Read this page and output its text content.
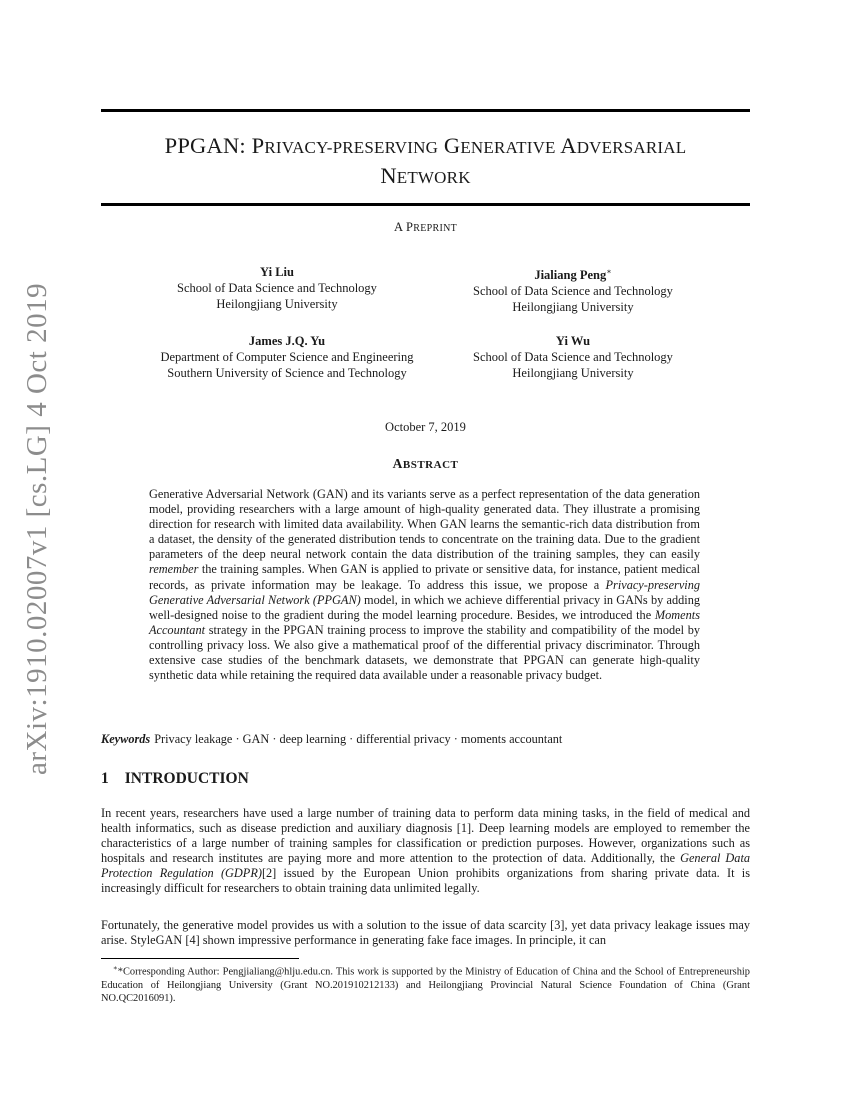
arXiv:1910.02007v1 [cs.LG] 4 Oct 2019
PPGAN: PRIVACY-PRESERVING GENERATIVE ADVERSARIAL
NETWORK
A PREPRINT
Yi Liu
School of Data Science and Technology
Heilongjiang University
Jialiang Peng∗
School of Data Science and Technology
Heilongjiang University
James J.Q. Yu
Department of Computer Science and Engineering
Southern University of Science and Technology
Yi Wu
School of Data Science and Technology
Heilongjiang University
October 7, 2019
ABSTRACT
Generative Adversarial Network (GAN) and its variants serve as a perfect representation of the data generation model, providing researchers with a large amount of high-quality generated data. They illustrate a promising direction for research with limited data availability. When GAN learns the semantic-rich data distribution from a dataset, the density of the generated distribution tends to concentrate on the training data. Due to the gradient parameters of the deep neural network contain the data distribution of the training samples, they can easily remember the training samples. When GAN is applied to private or sensitive data, for instance, patient medical records, as private information may be leakage. To address this issue, we propose a Privacy-preserving Generative Adversarial Network (PPGAN) model, in which we achieve differential privacy in GANs by adding well-designed noise to the gradient during the model learning procedure. Besides, we introduced the Moments Accountant strategy in the PPGAN training process to improve the stability and compatibility of the model by controlling privacy loss. We also give a mathematical proof of the differential privacy discriminator. Through extensive case studies of the benchmark datasets, we demonstrate that PPGAN can generate high-quality synthetic data while retaining the required data available under a reasonable privacy budget.
Keywords Privacy leakage · GAN · deep learning · differential privacy · moments accountant
1 INTRODUCTION
In recent years, researchers have used a large number of training data to perform data mining tasks, in the field of medical and health informatics, such as disease prediction and auxiliary diagnosis [1]. Deep learning models are employed to remember the characteristics of a large number of training samples for classification or prediction purposes. However, organizations such as hospitals and research institutes are paying more and more attention to the protection of data. Additionally, the General Data Protection Regulation (GDPR)[2] issued by the European Union prohibits organizations from sharing private data. It is increasingly difficult for researchers to obtain training data unlimited legally.
Fortunately, the generative model provides us with a solution to the issue of data scarcity [3], yet data privacy leakage issues may arise. StyleGAN [4] shown impressive performance in generating fake face images. In principle, it can
∗*Corresponding Author: Pengjialiang@hlju.edu.cn. This work is supported by the Ministry of Education of China and the School of Entrepreneurship Education of Heilongjiang University (Grant NO.201910212133) and Heilongjiang Provincial Natural Science Foundation of China (Grant NO.QC2016091).
